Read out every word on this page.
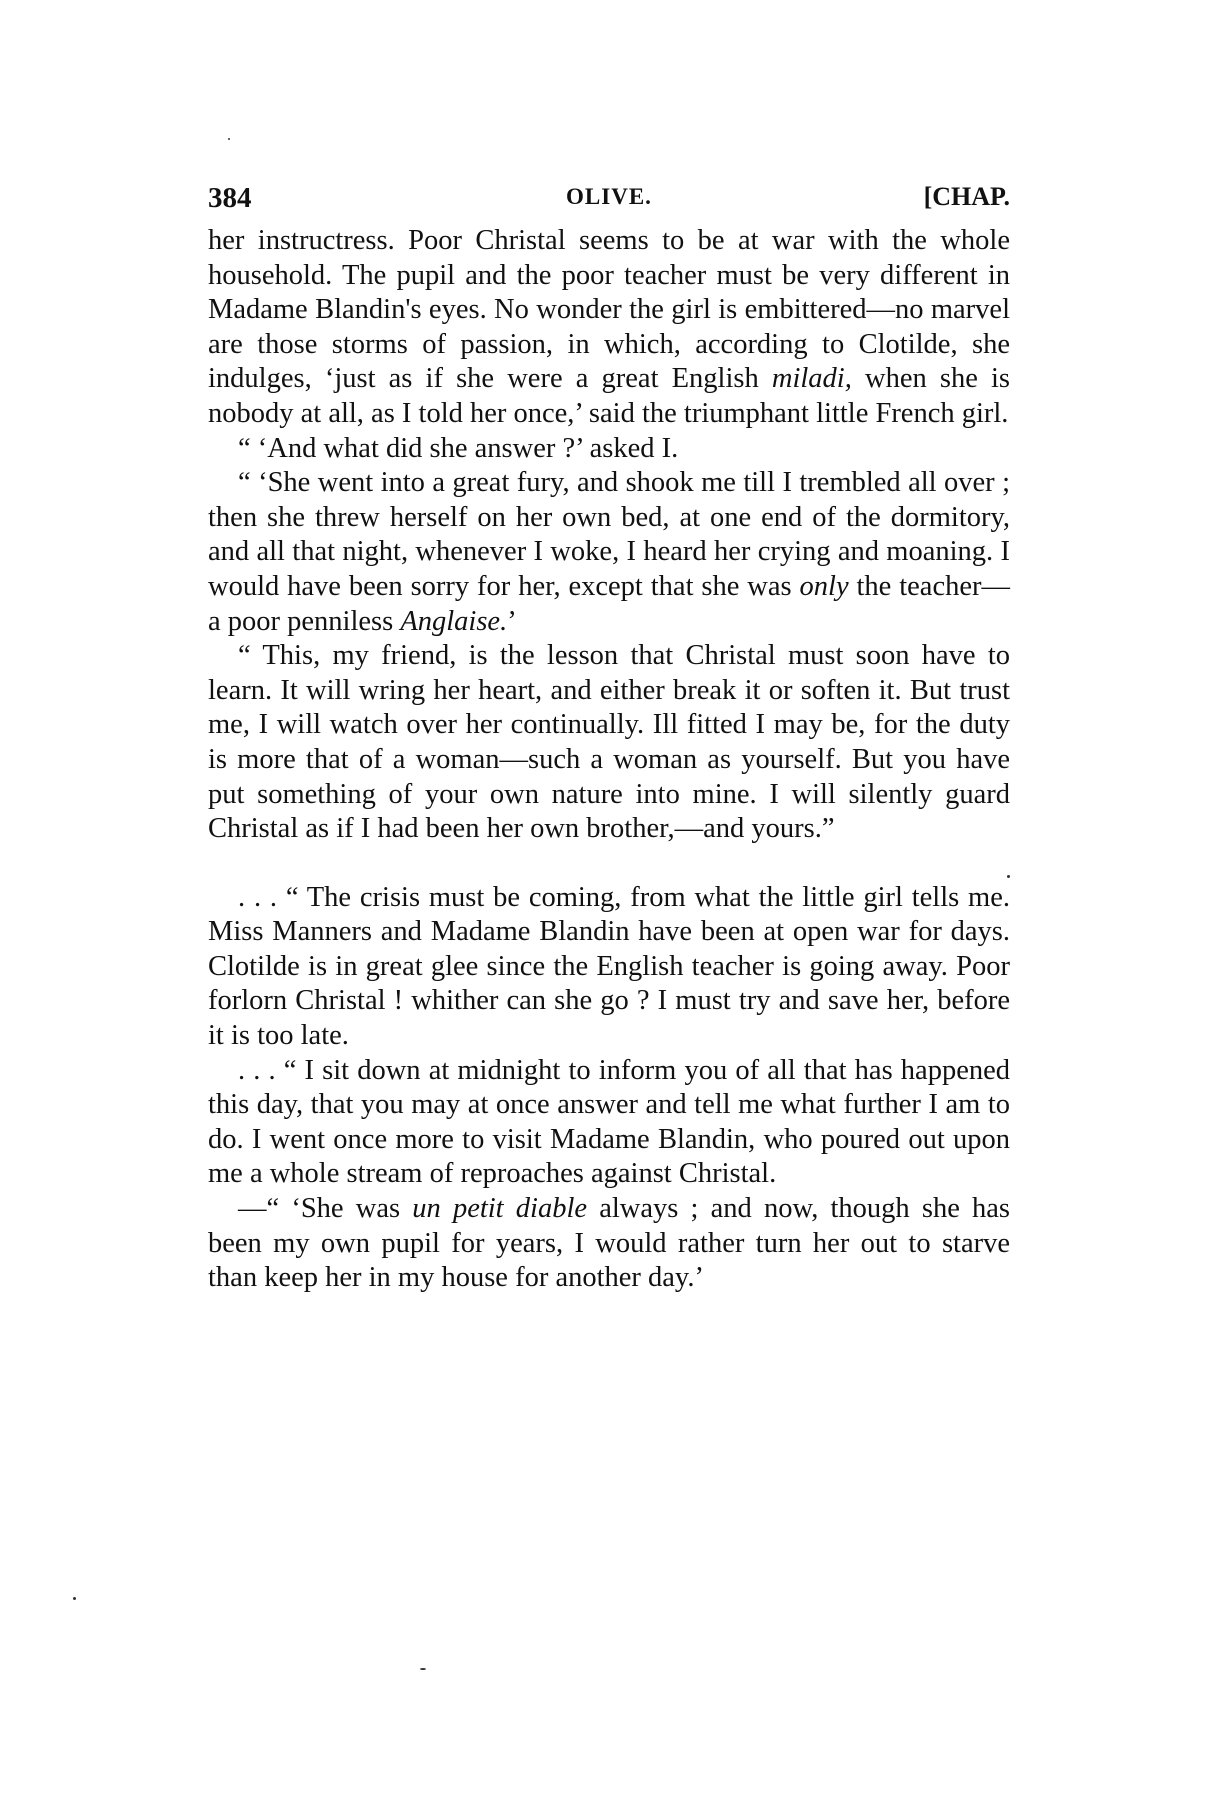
384	OLIVE.	[CHAP.

her instructress. Poor Christal seems to be at war with the whole household. The pupil and the poor teacher must be very different in Madame Blandin's eyes. No wonder the girl is embittered—no marvel are those storms of passion, in which, according to Clotilde, she indulges, ‘just as if she were a great English miladi, when she is nobody at all, as I told her once,’ said the triumphant little French girl.

“ ‘And what did she answer ?’ asked I.

“ ‘She went into a great fury, and shook me till I trembled all over ; then she threw herself on her own bed, at one end of the dormitory, and all that night, whenever I woke, I heard her crying and moaning. I would have been sorry for her, except that she was only the teacher—a poor penniless Anglaise.’

“ This, my friend, is the lesson that Christal must soon have to learn. It will wring her heart, and either break it or soften it. But trust me, I will watch over her continually. Ill fitted I may be, for the duty is more that of a woman—such a woman as yourself. But you have put something of your own nature into mine. I will silently guard Christal as if I had been her own brother,—and yours.”

. . . “ The crisis must be coming, from what the little girl tells me. Miss Manners and Madame Blandin have been at open war for days. Clotilde is in great glee since the English teacher is going away. Poor forlorn Christal ! whither can she go ? I must try and save her, before it is too late.

. . . “ I sit down at midnight to inform you of all that has happened this day, that you may at once answer and tell me what further I am to do. I went once more to visit Madame Blandin, who poured out upon me a whole stream of reproaches against Christal.

—“ ‘She was un petit diable always ; and now, though she has been my own pupil for years, I would rather turn her out to starve than keep her in my house for another day.’
